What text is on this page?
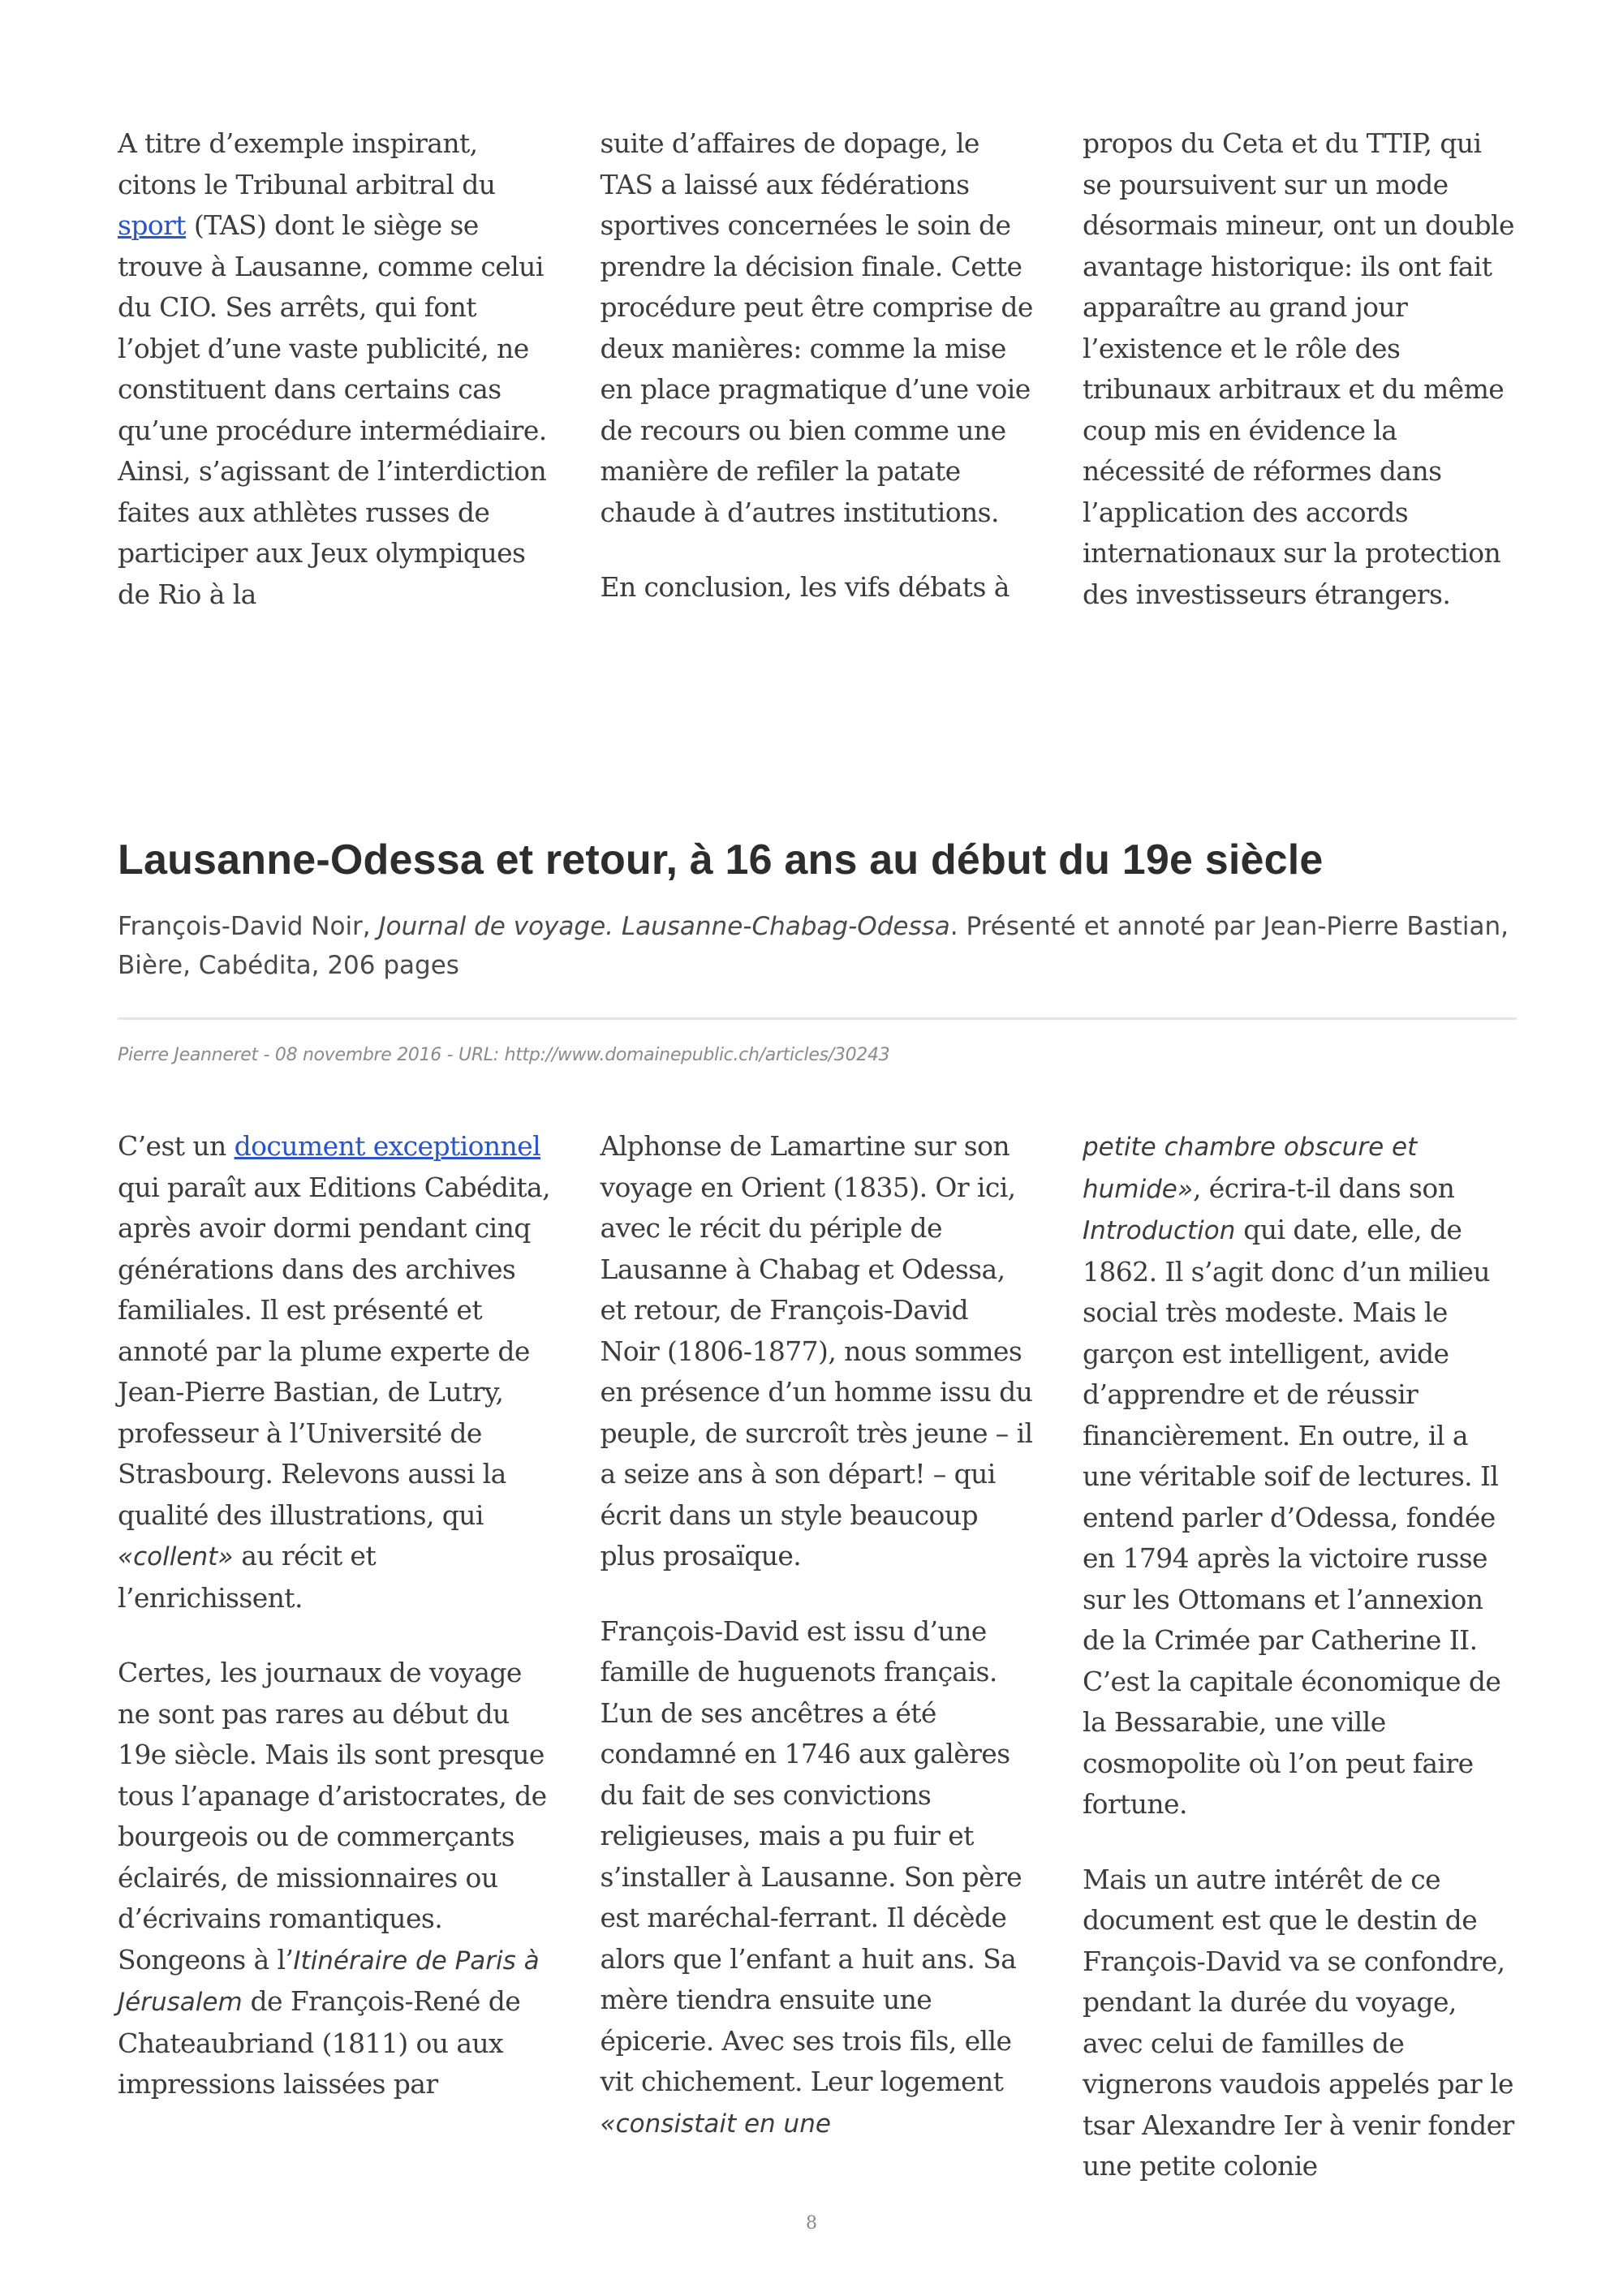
A titre d’exemple inspirant, citons le Tribunal arbitral du sport (TAS) dont le siège se trouve à Lausanne, comme celui du CIO. Ses arrêts, qui font l’objet d’une vaste publicité, ne constituent dans certains cas qu’une procédure intermédiaire. Ainsi, s’agissant de l’interdiction faites aux athlètes russes de participer aux Jeux olympiques de Rio à la

suite d’affaires de dopage, le TAS a laissé aux fédérations sportives concernées le soin de prendre la décision finale. Cette procédure peut être comprise de deux manières: comme la mise en place pragmatique d’une voie de recours ou bien comme une manière de refiler la patate chaude à d’autres institutions.

En conclusion, les vifs débats à

propos du Ceta et du TTIP, qui se poursuivent sur un mode désormais mineur, ont un double avantage historique: ils ont fait apparaître au grand jour l’existence et le rôle des tribunaux arbitraux et du même coup mis en évidence la nécessité de réformes dans l’application des accords internationaux sur la protection des investisseurs étrangers.

Lausanne-Odessa et retour, à 16 ans au début du 19e siècle

François-David Noir, Journal de voyage. Lausanne-Chabag-Odessa. Présenté et annoté par Jean-Pierre Bastian, Bière, Cabédita, 206 pages

Pierre Jeanneret - 08 novembre 2016 - URL: http://www.domainepublic.ch/articles/30243

C’est un document exceptionnel qui paraît aux Editions Cabédita, après avoir dormi pendant cinq générations dans des archives familiales. Il est présenté et annoté par la plume experte de Jean-Pierre Bastian, de Lutry, professeur à l’Université de Strasbourg. Relevons aussi la qualité des illustrations, qui «collent» au récit et l’enrichissent.

Certes, les journaux de voyage ne sont pas rares au début du 19e siècle. Mais ils sont presque tous l’apanage d’aristocrates, de bourgeois ou de commerçants éclairés, de missionnaires ou d’écrivains romantiques. Songeons à l’Itinéraire de Paris à Jérusalem de François-René de Chateaubriand (1811) ou aux impressions laissées par

Alphonse de Lamartine sur son voyage en Orient (1835). Or ici, avec le récit du périple de Lausanne à Chabag et Odessa, et retour, de François-David Noir (1806-1877), nous sommes en présence d’un homme issu du peuple, de surcroît très jeune – il a seize ans à son départ! – qui écrit dans un style beaucoup plus prosaïque.

François-David est issu d’une famille de huguenots français. L’un de ses ancêtres a été condamné en 1746 aux galères du fait de ses convictions religieuses, mais a pu fuir et s’installer à Lausanne. Son père est maréchal-ferrant. Il décède alors que l’enfant a huit ans. Sa mère tiendra ensuite une épicerie. Avec ses trois fils, elle vit chichement. Leur logement «consistait en une

petite chambre obscure et humide», écrira-t-il dans son Introduction qui date, elle, de 1862. Il s’agit donc d’un milieu social très modeste. Mais le garçon est intelligent, avide d’apprendre et de réussir financièrement. En outre, il a une véritable soif de lectures. Il entend parler d’Odessa, fondée en 1794 après la victoire russe sur les Ottomans et l’annexion de la Crimée par Catherine II. C’est la capitale économique de la Bessarabie, une ville cosmopolite où l’on peut faire fortune.

Mais un autre intérêt de ce document est que le destin de François-David va se confondre, pendant la durée du voyage, avec celui de familles de vignerons vaudois appelés par le tsar Alexandre Ier à venir fonder une petite colonie

8
